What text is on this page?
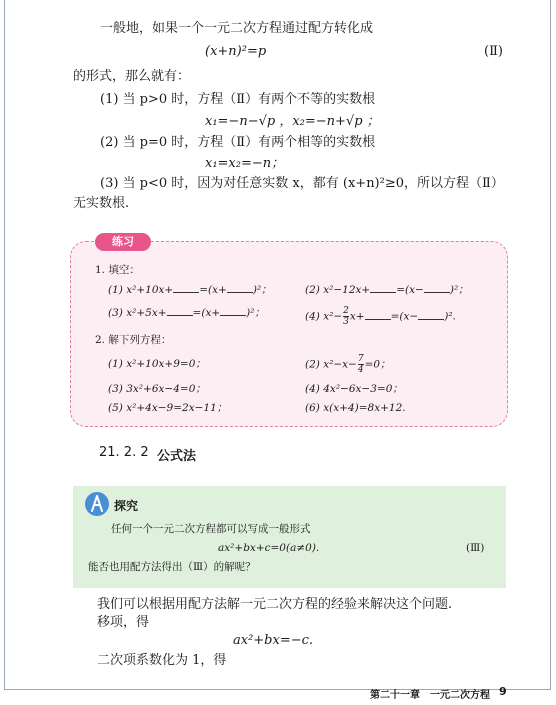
一般地，如果一个一元二次方程通过配方转化成
(x+n)²=p	(Ⅱ)
的形式，那么就有：
(1) 当 p>0 时，方程（Ⅱ）有两个不等的实数根
x₁=−n−√p ，x₂=−n+√p ；
(2) 当 p=0 时，方程（Ⅱ）有两个相等的实数根
x₁=x₂=−n；
(3) 当 p<0 时，因为对任意实数 x，都有 (x+n)²≥0，所以方程（Ⅱ）
无实数根.
练习
1. 填空：
(1) x²+10x+ =(x+ )²；	(2) x²−12x+ =(x− )²；
(3) x²+5x+ =(x+ )²；	(4) $x^2- \frac{2}{3} x+ =(x- )^2$.
2. 解下列方程：
(1) x²+10x+9=0；	(2) $x^2-x- \frac{7}{4} =0$；
(3) 3x²+6x−4=0；	(4) 4x²−6x−3=0；
(5) x²+4x−9=2x−11；	(6) x(x+4)=8x+12.
21. 2. 2 公式法
探究
任何一个一元二次方程都可以写成一般形式
ax²+bx+c=0(a≠0).	(Ⅲ)
能否也用配方法得出（Ⅲ）的解呢？
我们可以根据用配方法解一元二次方程的经验来解决这个问题.
移项，得
ax²+bx=−c.
二次项系数化为 1，得
第二十一章　一元二次方程 9
